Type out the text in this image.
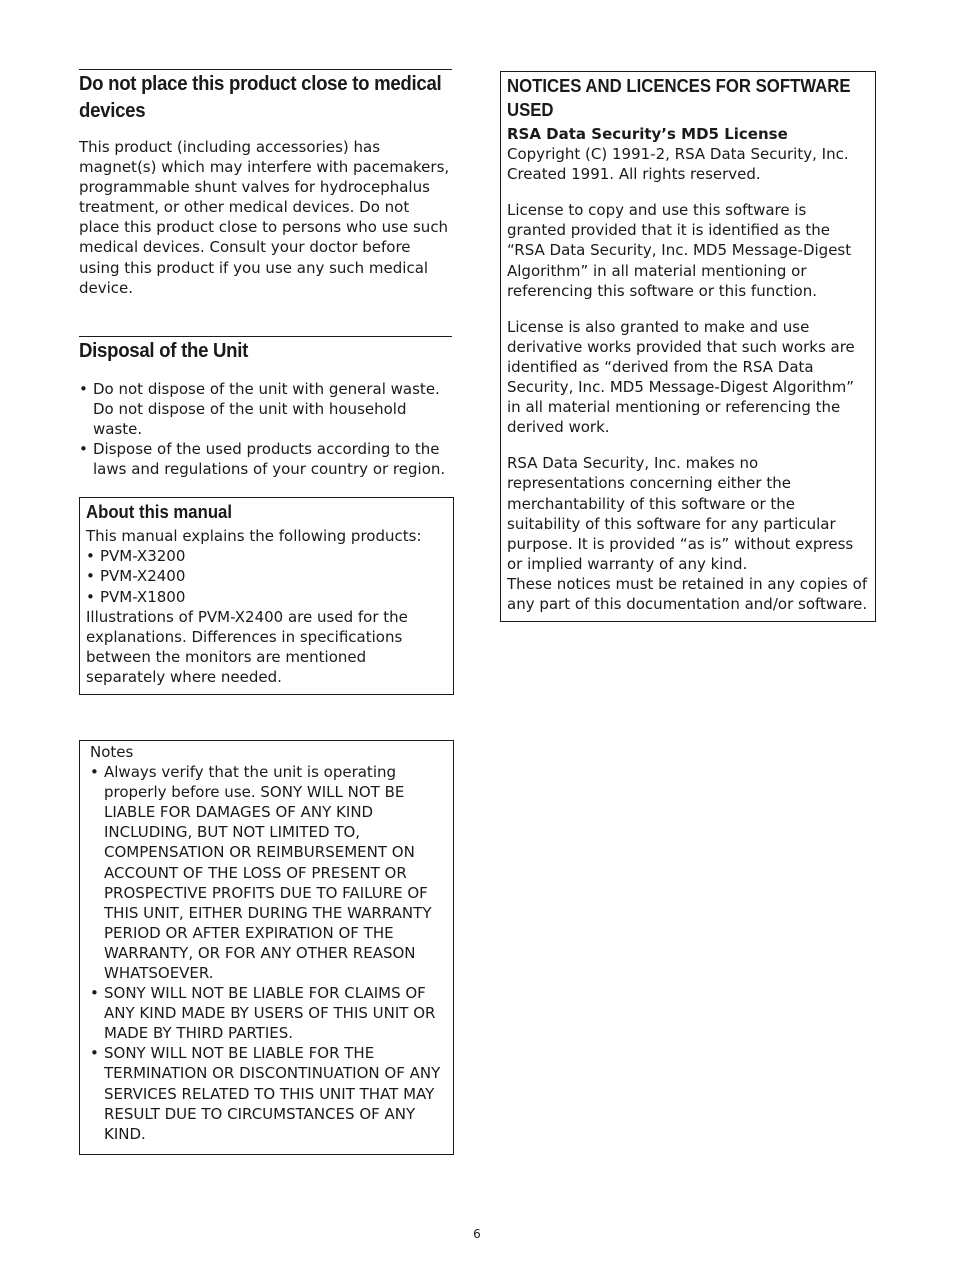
Do not place this product close to medical devices

This product (including accessories) has magnet(s) which may interfere with pacemakers, programmable shunt valves for hydrocephalus treatment, or other medical devices. Do not place this product close to persons who use such medical devices. Consult your doctor before using this product if you use any such medical device.

Disposal of the Unit
• Do not dispose of the unit with general waste. Do not dispose of the unit with household waste.
• Dispose of the used products according to the laws and regulations of your country or region.
About this manual

This manual explains the following products:

• PVM-X3200
• PVM-X2400
• PVM-X1800

Illustrations of PVM-X2400 are used for the explanations. Differences in specifications between the monitors are mentioned separately where needed.

Notes

• Always verify that the unit is operating properly before use. SONY WILL NOT BE LIABLE FOR DAMAGES OF ANY KIND INCLUDING, BUT NOT LIMITED TO, COMPENSATION OR REIMBURSEMENT ON ACCOUNT OF THE LOSS OF PRESENT OR PROSPECTIVE PROFITS DUE TO FAILURE OF THIS UNIT, EITHER DURING THE WARRANTY PERIOD OR AFTER EXPIRATION OF THE WARRANTY, OR FOR ANY OTHER REASON WHATSOEVER.
• SONY WILL NOT BE LIABLE FOR CLAIMS OF ANY KIND MADE BY USERS OF THIS UNIT OR MADE BY THIRD PARTIES.
• SONY WILL NOT BE LIABLE FOR THE TERMINATION OR DISCONTINUATION OF ANY SERVICES RELATED TO THIS UNIT THAT MAY RESULT DUE TO CIRCUMSTANCES OF ANY KIND.
NOTICES AND LICENCES FOR SOFTWARE USED

RSA Data Security’s MD5 License

Copyright (C) 1991-2, RSA Data Security, Inc. Created 1991. All rights reserved.

License to copy and use this software is granted provided that it is identified as the “RSA Data Security, Inc. MD5 Message-Digest Algorithm” in all material mentioning or referencing this software or this function.

License is also granted to make and use derivative works provided that such works are identified as “derived from the RSA Data Security, Inc. MD5 Message-Digest Algorithm” in all material mentioning or referencing the derived work.

RSA Data Security, Inc. makes no representations concerning either the merchantability of this software or the suitability of this software for any particular purpose. It is provided “as is” without express or implied warranty of any kind.

These notices must be retained in any copies of any part of this documentation and/or software.

6
